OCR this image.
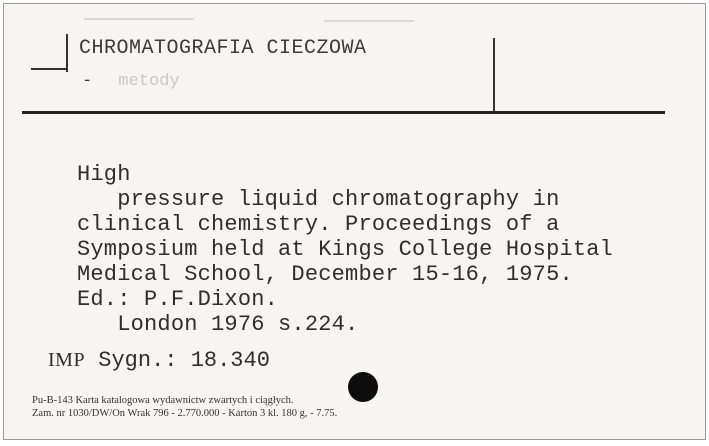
CHROMATOGRAFIA CIECZOWA
- metody
High
pressure liquid chromatography in
clinical chemistry. Proceedings of a
Symposium held at Kings College Hospital
Medical School, December 15-16, 1975.
Ed.: P.F.Dixon.
London 1976 s.224.
IMP Sygn.: 18.340
Pu-B-143 Karta katalogowa wydawnictw zwartych i ciągłych.
Zam. nr 1030/DW/On Wrak 796 - 2.770.000 - Karton 3 kl. 180 g, - 7.75.
